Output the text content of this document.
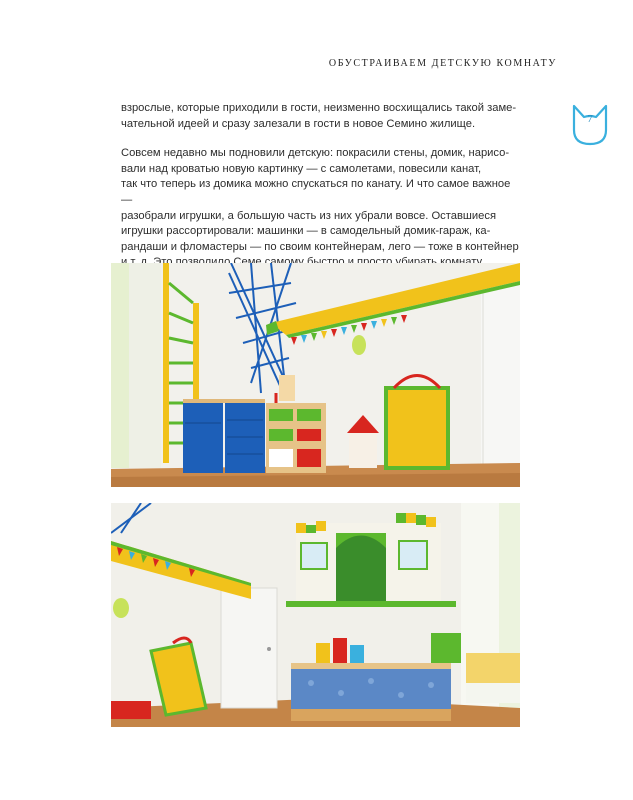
ОБУСТРАИВАЕМ ДЕТСКУЮ КОМНАТУ
7

взрослые, которые приходили в гости, неизменно восхищались такой заме-
чательной идеей и сразу залезали в гости в новое Семино жилище.

Совсем недавно мы подновили детскую: покрасили стены, домик, нарисо-
вали над кроватью новую картинку — с самолетами, повесили канат,
так что теперь из домика можно спускаться по канату. И что самое важное —
разобрали игрушки, а большую часть из них убрали вовсе. Оставшиеся
игрушки рассортировали: машинки — в самодельный домик-гараж, ка-
рандаши и фломастеры — по своим контейнерам, лего — тоже в контейнер
